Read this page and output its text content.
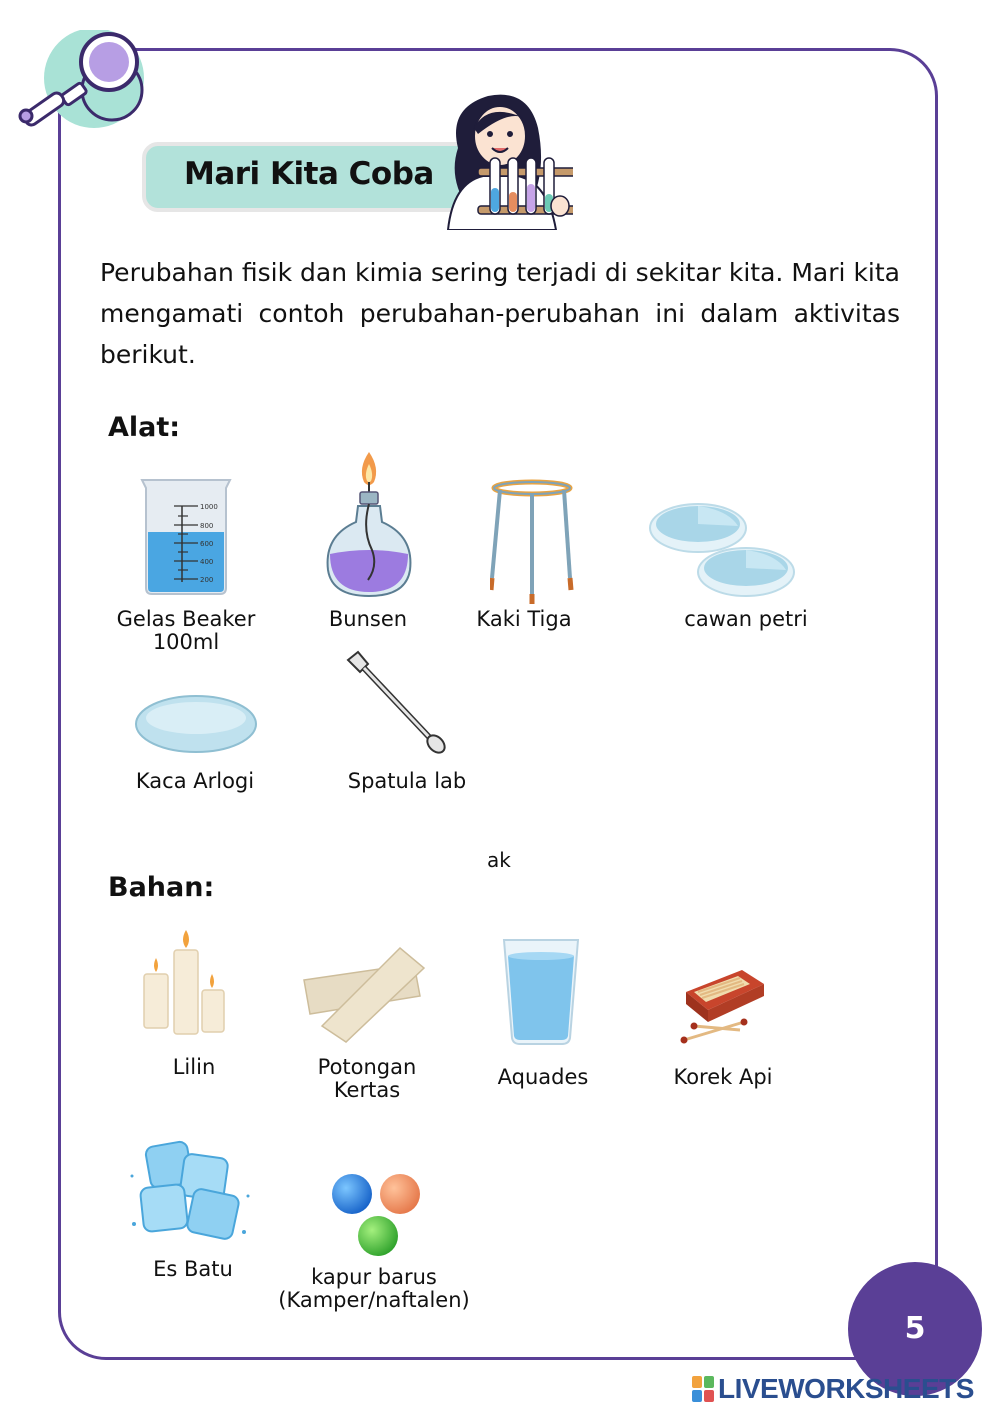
Mari Kita Coba
Perubahan fisik dan kimia sering terjadi di sekitar kita. Mari kita mengamati contoh perubahan-perubahan ini dalam aktivitas berikut.
Alat:
1000
800
600
400
200
Gelas Beaker
100ml
Bunsen	Kaki Tiga	cawan petri
Kaca Arlogi	Spatula lab
ak
Bahan:
Lilin	Potongan
Kertas
Aquades	Korek Api
Es Batu	kapur barus
(Kamper/naftalen)
5
LIVEWORKSHEETS
